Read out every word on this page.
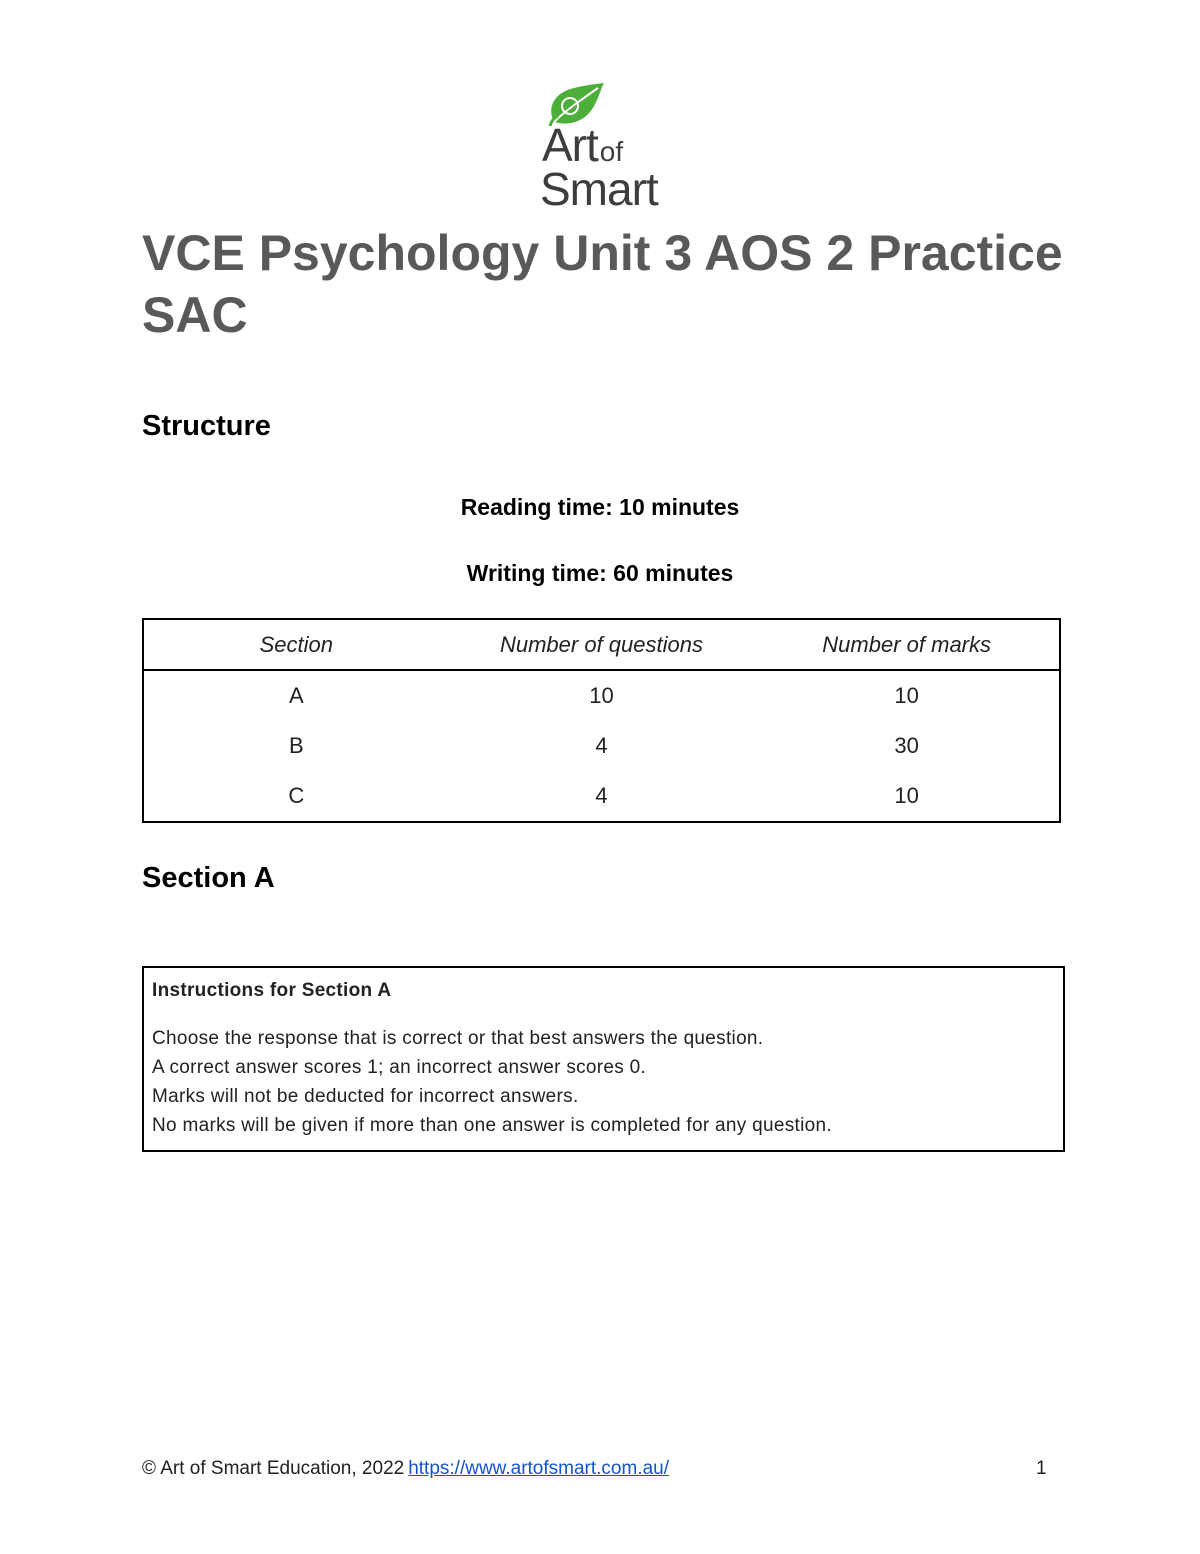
Artof
Smart
VCE Psychology Unit 3 AOS 2 Practice SAC
Structure
Reading time: 10 minutes
Writing time: 60 minutes
Section	Number of questions	Number of marks
A	10	10
B	4	30
C	4	10
Section A

Instructions for Section A

Choose the response that is correct or that best answers the question.

A correct answer scores 1; an incorrect answer scores 0.

Marks will not be deducted for incorrect answers.

No marks will be given if more than one answer is completed for any question.

© Art of Smart Education, 2022 https://www.artofsmart.com.au/	1
